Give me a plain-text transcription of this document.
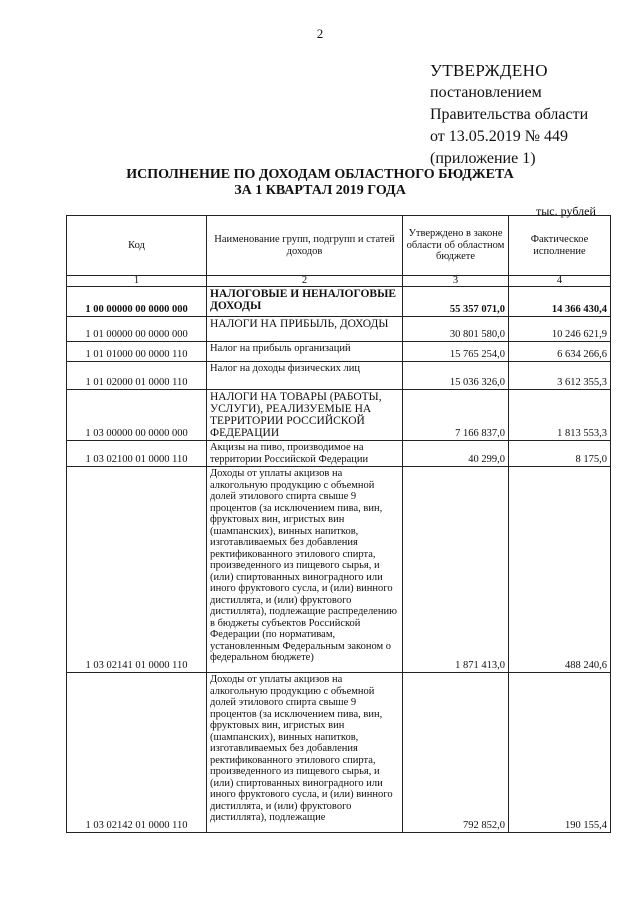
2
УТВЕРЖДЕНО
постановлением
Правительства области
от 13.05.2019 № 449
(приложение 1)
ИСПОЛНЕНИЕ ПО ДОХОДАМ ОБЛАСТНОГО БЮДЖЕТА
ЗА 1 КВАРТАЛ 2019 ГОДА
тыс. рублей
Код	Наименование групп, подгрупп и статей доходов	Утверждено в законе области об областном бюджете	Фактическое исполнение
1	2	3	4
1 00 00000 00 0000 000	НАЛОГОВЫЕ И НЕНАЛОГОВЫЕ ДОХОДЫ	55 357 071,0	14 366 430,4
1 01 00000 00 0000 000	НАЛОГИ НА ПРИБЫЛЬ, ДОХОДЫ	30 801 580,0	10 246 621,9
1 01 01000 00 0000 110	Налог на прибыль организаций	15 765 254,0	6 634 266,6
1 01 02000 01 0000 110	Налог на доходы физических лиц	15 036 326,0	3 612 355,3
1 03 00000 00 0000 000	НАЛОГИ НА ТОВАРЫ (РАБОТЫ, УСЛУГИ), РЕАЛИЗУЕМЫЕ НА ТЕРРИТОРИИ РОССИЙСКОЙ ФЕДЕРАЦИИ	7 166 837,0	1 813 553,3
1 03 02100 01 0000 110	Акцизы на пиво, производимое на территории Российской Федерации	40 299,0	8 175,0
1 03 02141 01 0000 110	Доходы от уплаты акцизов на алкогольную продукцию с объемной долей этилового спирта свыше 9 процентов (за исключением пива, вин, фруктовых вин, игристых вин (шампанских), винных напитков, изготавливаемых без добавления ректификованного этилового спирта, произведенного из пищевого сырья, и (или) спиртованных виноградного или иного фруктового сусла, и (или) винного дистиллята, и (или) фруктового дистиллята), подлежащие распределению в бюджеты субъектов Российской Федерации (по нормативам, установленным Федеральным законом о федеральном бюджете)	1 871 413,0	488 240,6
1 03 02142 01 0000 110	Доходы от уплаты акцизов на алкогольную продукцию с объемной долей этилового спирта свыше 9 процентов (за исключением пива, вин, фруктовых вин, игристых вин (шампанских), винных напитков, изготавливаемых без добавления ректификованного этилового спирта, произведенного из пищевого сырья, и (или) спиртованных виноградного или иного фруктового сусла, и (или) винного дистиллята, и (или) фруктового дистиллята), подлежащие	792 852,0	190 155,4
